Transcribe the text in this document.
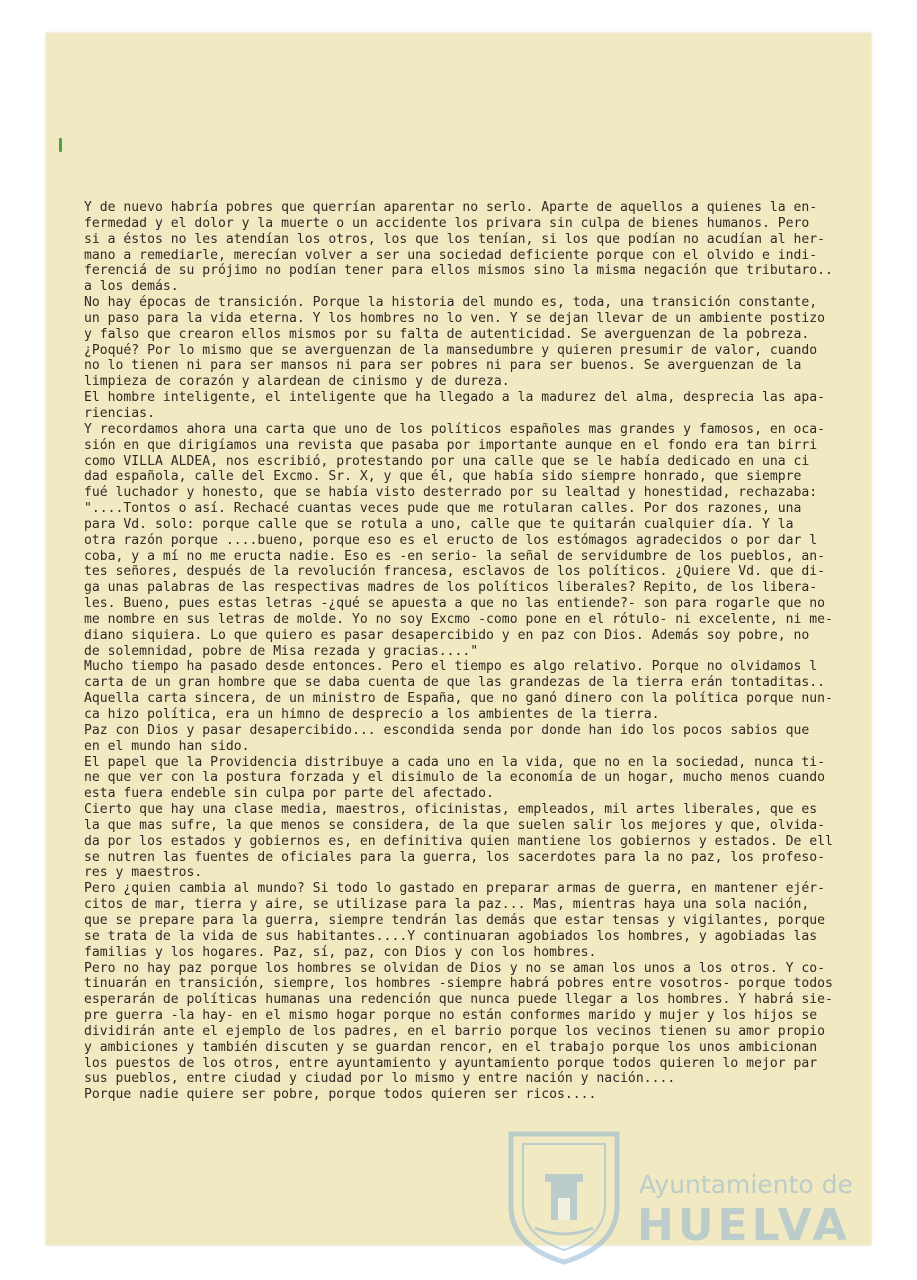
Y de nuevo habría pobres que querrían aparentar no serlo. Aparte de aquellos a quienes la en-
fermedad y el dolor y la muerte o un accidente los privara sin culpa de bienes humanos. Pero
si a éstos no les atendían los otros, los que los tenían, si los que podían no acudían al her-
mano a remediarle, merecían volver a ser una sociedad deficiente porque con el olvido e indi-
ferenciá de su prójimo no podían tener para ellos mismos sino la misma negación que tributaro..
a los demás.
No hay épocas de transición. Porque la historia del mundo es, toda, una transición constante,
un paso para la vida eterna. Y los hombres no lo ven. Y se dejan llevar de un ambiente postizo
y falso que crearon ellos mismos por su falta de autenticidad. Se averguenzan de la pobreza.
¿Poqué? Por lo mismo que se averguenzan de la mansedumbre y quieren presumir de valor, cuando
no lo tienen ni para ser mansos ni para ser pobres ni para ser buenos. Se averguenzan de la
limpieza de corazón y alardean de cinismo y de dureza.
El hombre inteligente, el inteligente que ha llegado a la madurez del alma, desprecia las apa-
riencias.
Y recordamos ahora una carta que uno de los políticos españoles mas grandes y famosos, en oca-
sión en que dirigíamos una revista que pasaba por importante aunque en el fondo era tan birri
como VILLA ALDEA, nos escribió, protestando por una calle que se le había dedicado en una ci
dad española, calle del Excmo. Sr. X, y que él, que había sido siempre honrado, que siempre
fué luchador y honesto, que se había visto desterrado por su lealtad y honestidad, rechazaba:
"....Tontos o así. Rechacé cuantas veces pude que me rotularan calles. Por dos razones, una
para Vd. solo: porque calle que se rotula a uno, calle que te quitarán cualquier día. Y la
otra razón porque ....bueno, porque eso es el eructo de los estómagos agradecidos o por dar l
coba, y a mí no me eructa nadie. Eso es -en serio- la señal de servidumbre de los pueblos, an-
tes señores, después de la revolución francesa, esclavos de los políticos. ¿Quiere Vd. que di-
ga unas palabras de las respectivas madres de los políticos liberales? Repito, de los libera-
les. Bueno, pues estas letras -¿qué se apuesta a que no las entiende?- son para rogarle que no
me nombre en sus letras de molde. Yo no soy Excmo -como pone en el rótulo- ni excelente, ni me-
diano siquiera. Lo que quiero es pasar desapercibido y en paz con Dios. Además soy pobre, no
de solemnidad, pobre de Misa rezada y gracias...."
Mucho tiempo ha pasado desde entonces. Pero el tiempo es algo relativo. Porque no olvidamos l
carta de un gran hombre que se daba cuenta de que las grandezas de la tierra erán tontaditas..
Aquella carta sincera, de un ministro de España, que no ganó dinero con la política porque nun-
ca hizo política, era un himno de desprecio a los ambientes de la tierra.
Paz con Dios y pasar desapercibido... escondida senda por donde han ido los pocos sabios que
en el mundo han sido.
El papel que la Providencia distribuye a cada uno en la vida, que no en la sociedad, nunca ti-
ne que ver con la postura forzada y el disimulo de la economía de un hogar, mucho menos cuando
esta fuera endeble sin culpa por parte del afectado.
Cierto que hay una clase media, maestros, oficinistas, empleados, mil artes liberales, que es
la que mas sufre, la que menos se considera, de la que suelen salir los mejores y que, olvida-
da por los estados y gobiernos es, en definitiva quien mantiene los gobiernos y estados. De ell
se nutren las fuentes de oficiales para la guerra, los sacerdotes para la no paz, los profeso-
res y maestros.
Pero ¿quien cambia al mundo? Si todo lo gastado en preparar armas de guerra, en mantener ejér-
citos de mar, tierra y aire, se utilizase para la paz... Mas, mientras haya una sola nación,
que se prepare para la guerra, siempre tendrán las demás que estar tensas y vigilantes, porque
se trata de la vida de sus habitantes....Y continuaran agobiados los hombres, y agobiadas las
familias y los hogares. Paz, sí, paz, con Dios y con los hombres.
Pero no hay paz porque los hombres se olvidan de Dios y no se aman los unos a los otros. Y co-
tinuarán en transición, siempre, los hombres -siempre habrá pobres entre vosotros- porque todos
esperarán de políticas humanas una redención que nunca puede llegar a los hombres. Y habrá sie-
pre guerra -la hay- en el mismo hogar porque no están conformes marido y mujer y los hijos se
dividirán ante el ejemplo de los padres, en el barrio porque los vecinos tienen su amor propio
y ambiciones y también discuten y se guardan rencor, en el trabajo porque los unos ambicionan
los puestos de los otros, entre ayuntamiento y ayuntamiento porque todos quieren lo mejor par
sus pueblos, entre ciudad y ciudad por lo mismo y entre nación y nación....
Porque nadie quiere ser pobre, porque todos quieren ser ricos....
Ayuntamiento de
HUELVA
